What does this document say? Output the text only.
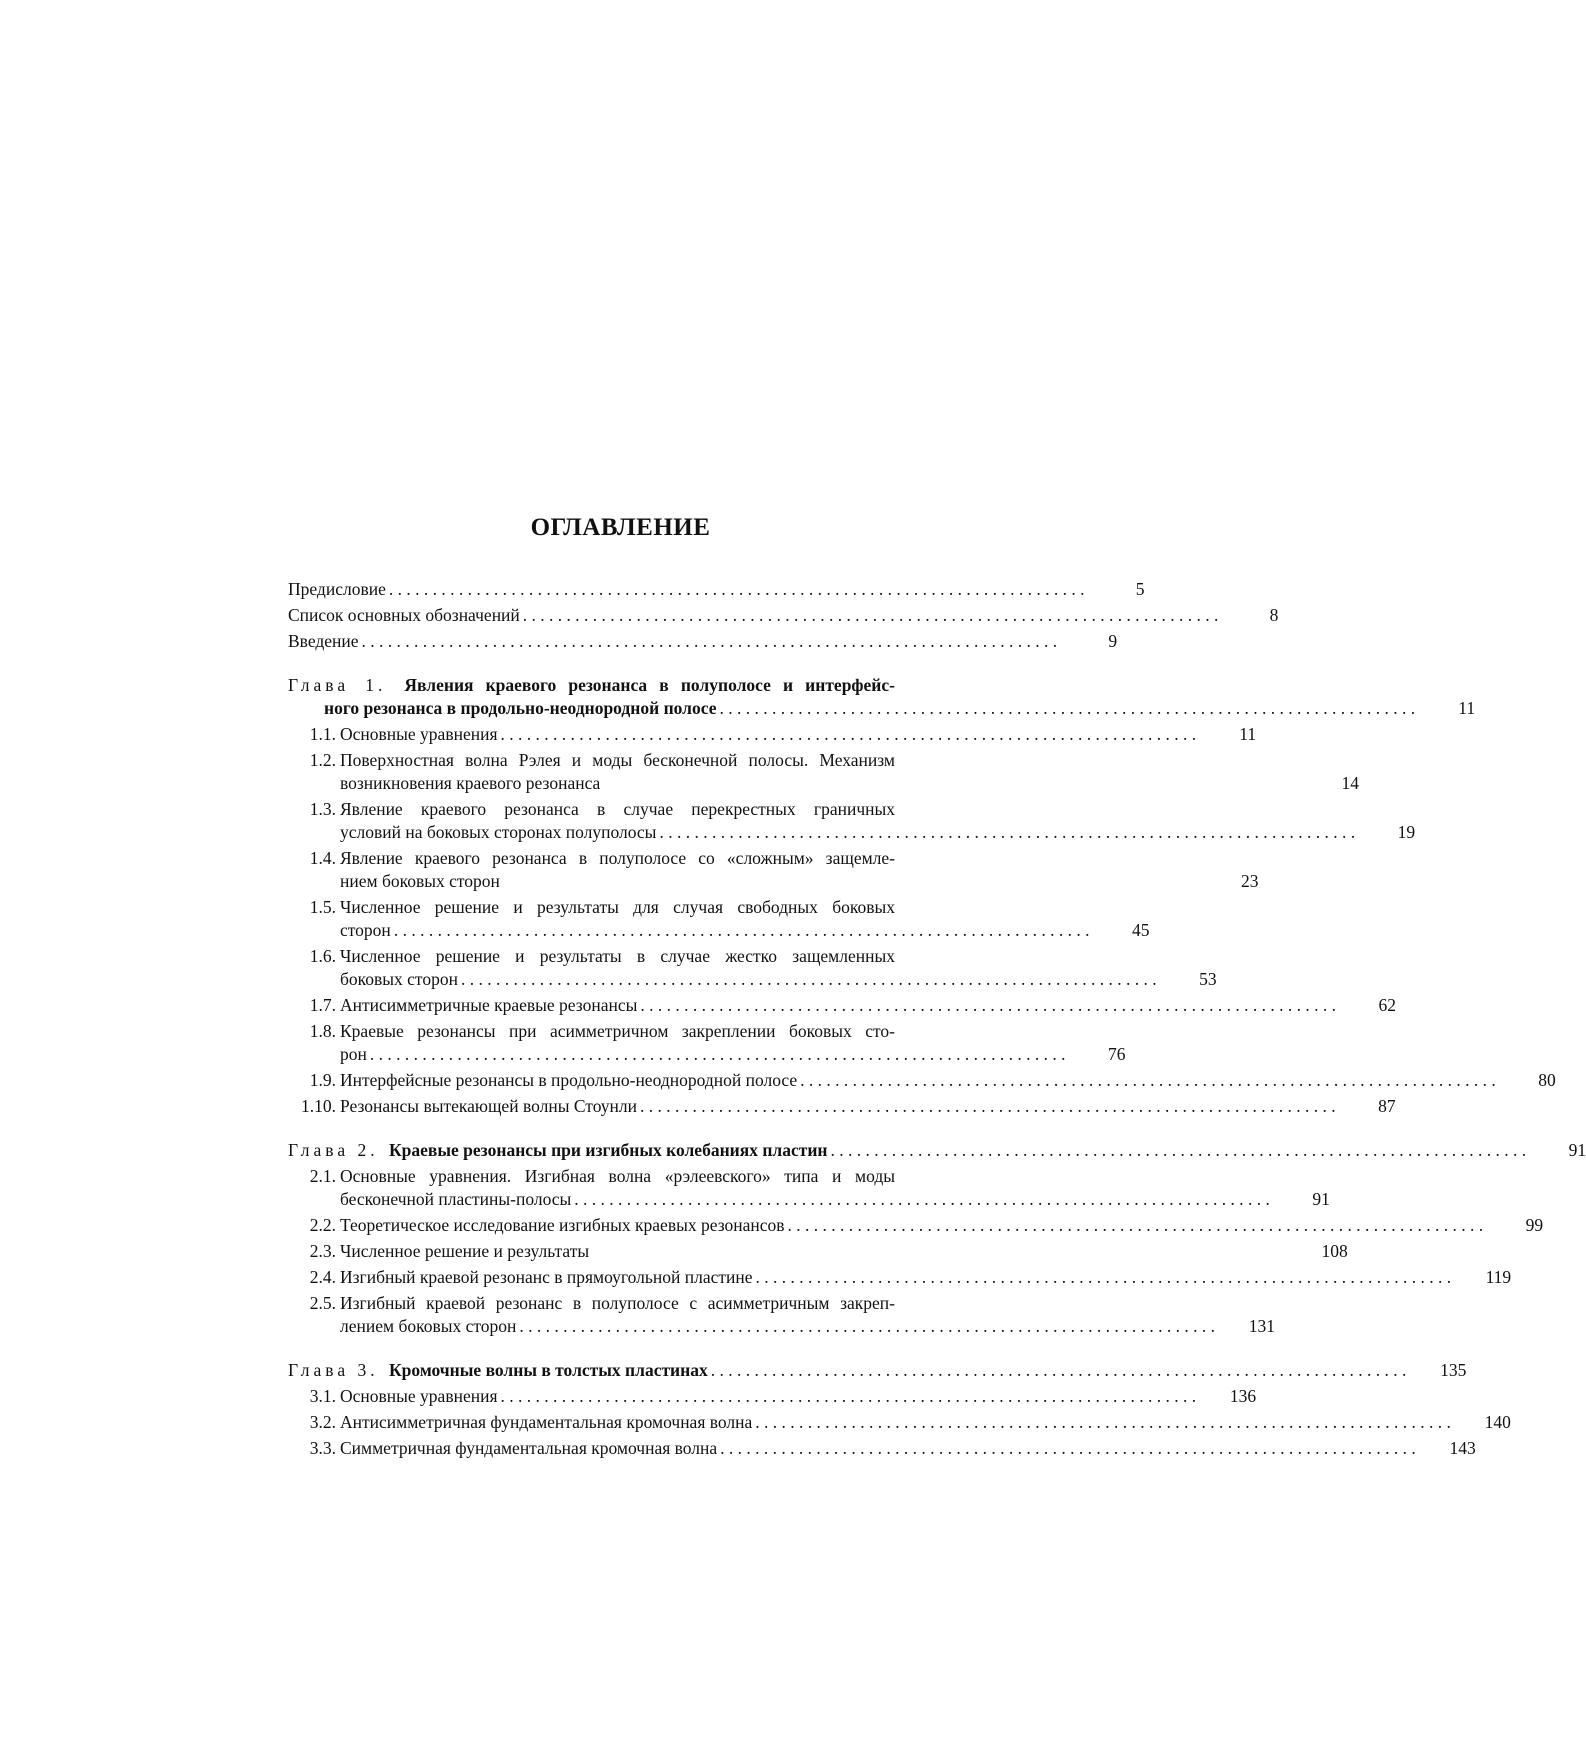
ОГЛАВЛЕНИЕ
Предисловие . . .	5
Список основных обозначений . . .	8
Введение . . .	9
Глава 1. Явления краевого резонанса в полуполосе и интерфейс-
ного резонанса в продольно-неоднородной полосе . . .	11
1.1. Основные уравнения . . .	11
1.2. Поверхностная волна Рэлея и моды бесконечной полосы. Механизм
возникновения краевого резонанса	14
1.3. Явление краевого резонанса в случае перекрестных граничных
условий на боковых сторонах полуполосы . . .	19
1.4. Явление краевого резонанса в полуполосе со «сложным» защемле-
нием боковых сторон	23
1.5. Численное решение и результаты для случая свободных боковых
сторон . . .	45
1.6. Численное решение и результаты в случае жестко защемленных
боковых сторон . . .	53
1.7. Антисимметричные краевые резонансы . . .	62
1.8. Краевые резонансы при асимметричном закреплении боковых сто-
рон . . .	76
1.9. Интерфейсные резонансы в продольно-неоднородной полосе . . .	80
1.10. Резонансы вытекающей волны Стоунли . . .	87
Глава 2. Краевые резонансы при изгибных колебаниях пластин . . .	91
2.1. Основные уравнения. Изгибная волна «рэлеевского» типа и моды
бесконечной пластины-полосы . . .	91
2.2. Теоретическое исследование изгибных краевых резонансов . . .	99
2.3. Численное решение и результаты	108
2.4. Изгибный краевой резонанс в прямоугольной пластине . . .	119
2.5. Изгибный краевой резонанс в полуполосе с асимметричным закреп-
лением боковых сторон . . .	131
Глава 3. Кромочные волны в толстых пластинах . . .	135
3.1. Основные уравнения . . .	136
3.2. Антисимметричная фундаментальная кромочная волна . . .	140
3.3. Симметричная фундаментальная кромочная волна . . .	143
